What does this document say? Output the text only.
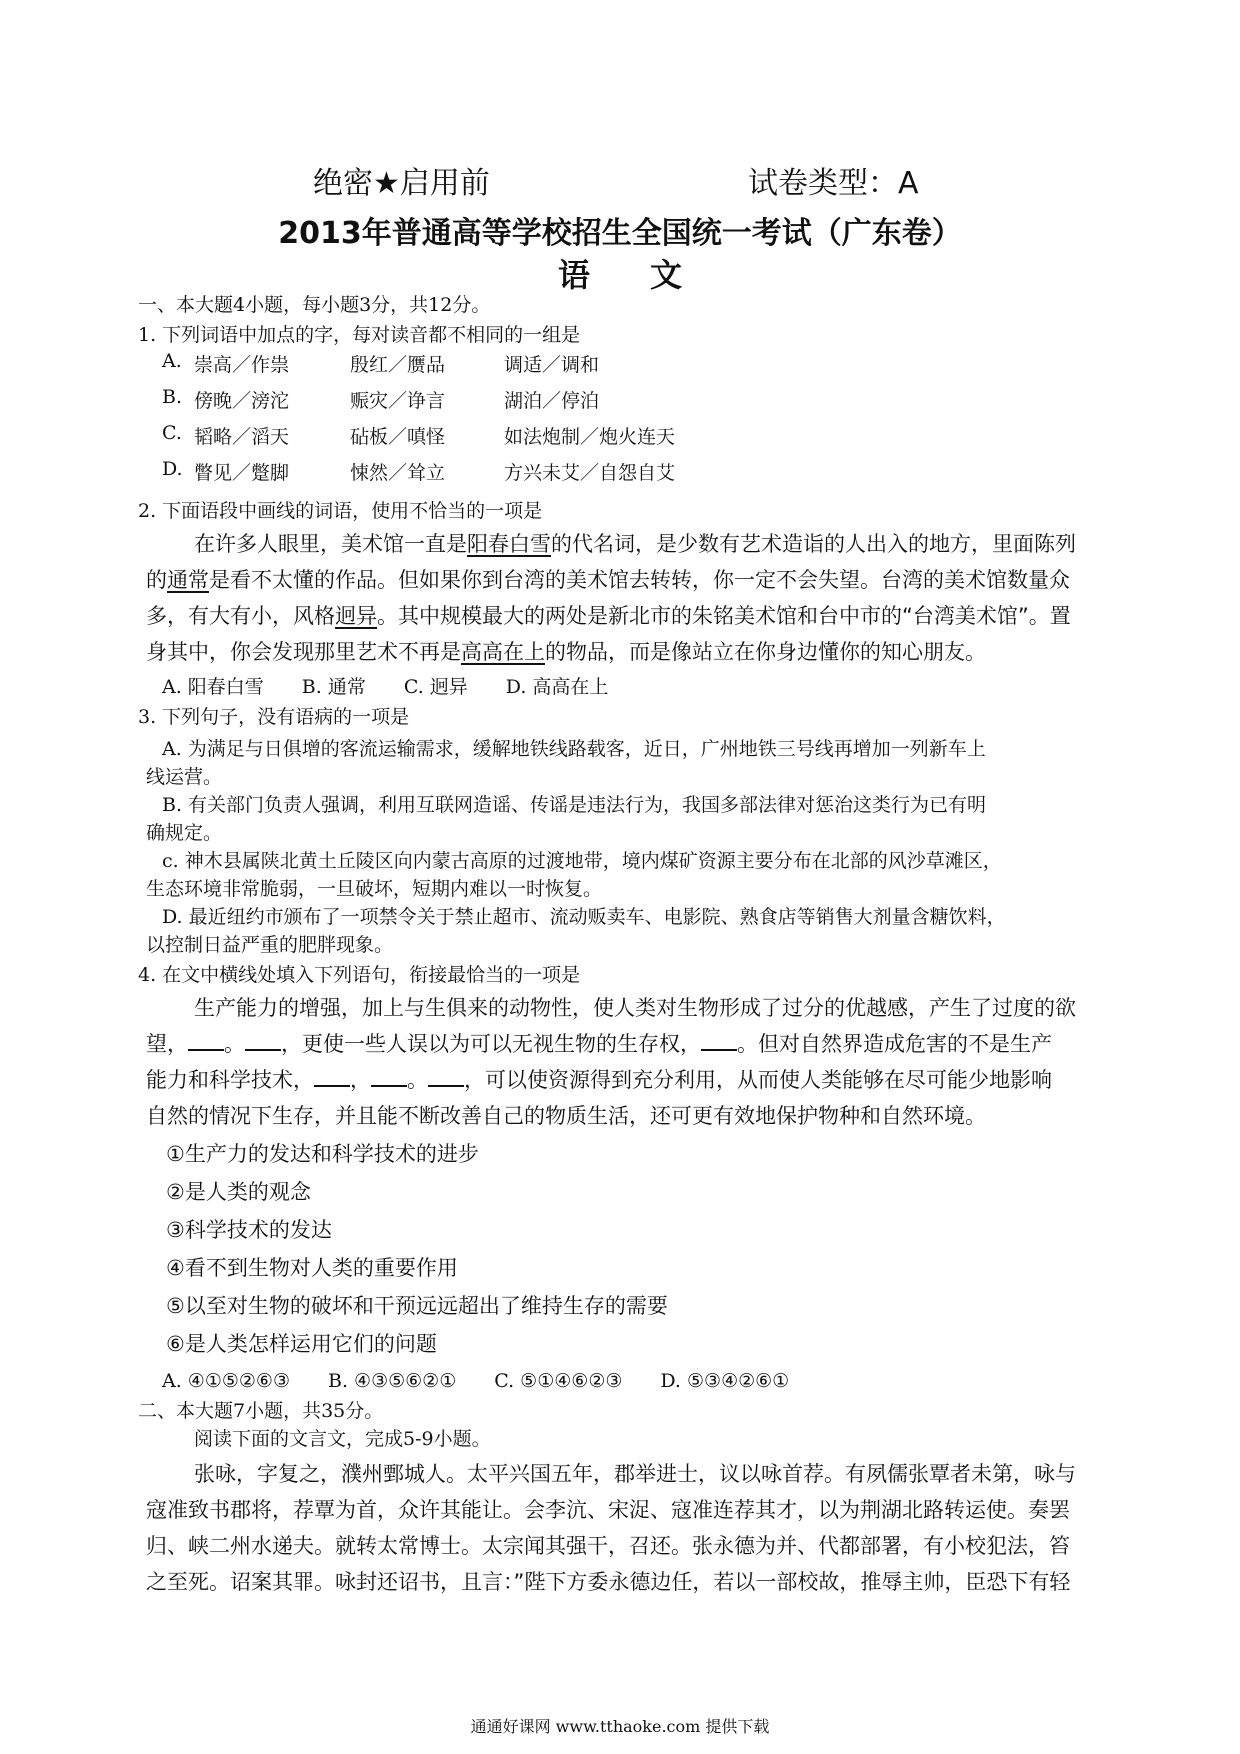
绝密★启用前	试卷类型：A
2013年普通高等学校招生全国统一考试（广东卷）
语文
一、本大题4小题，每小题3分，共12分。
1. 下列词语中加点的字，每对读音都不相同的一组是
A. 崇高／作祟	殷红／赝品	调适／调和
B. 傍晚／滂沱	赈灾／诤言	湖泊／停泊
C. 韬略／滔天	砧板／嗔怪	如法炮制／炮火连天
D. 瞥见／蹩脚	悚然／耸立	方兴未艾／自怨自艾
2. 下面语段中画线的词语，使用不恰当的一项是
在许多人眼里，美术馆一直是阳春白雪的代名词，是少数有艺术造诣的人出入的地方，里面陈列
的通常是看不太懂的作品。但如果你到台湾的美术馆去转转，你一定不会失望。台湾的美术馆数量众
多，有大有小，风格迥异。其中规模最大的两处是新北市的朱铭美术馆和台中市的“台湾美术馆”。置
身其中，你会发现那里艺术不再是高高在上的物品，而是像站立在你身边懂你的知心朋友。
A. 阳春白雪　　B. 通常　　C. 迥异　　D. 高高在上
3. 下列句子，没有语病的一项是
A. 为满足与日俱增的客流运输需求，缓解地铁线路载客，近日，广州地铁三号线再增加一列新车上
线运营。
B. 有关部门负责人强调，利用互联网造谣、传谣是违法行为，我国多部法律对惩治这类行为已有明
确规定。
c. 神木县属陕北黄土丘陵区向内蒙古高原的过渡地带，境内煤矿资源主要分布在北部的风沙草滩区，
生态环境非常脆弱，一旦破坏，短期内难以一时恢复。
D. 最近纽约市颁布了一项禁令关于禁止超市、流动贩卖车、电影院、熟食店等销售大剂量含糖饮料，
以控制日益严重的肥胖现象。
4. 在文中横线处填入下列语句，衔接最恰当的一项是
生产能力的增强，加上与生俱来的动物性，使人类对生物形成了过分的优越感，产生了过度的欲
望， 。 ，更使一些人误以为可以无视生物的生存权， 。但对自然界造成危害的不是生产
能力和科学技术， ， 。 ，可以使资源得到充分利用，从而使人类能够在尽可能少地影响
自然的情况下生存，并且能不断改善自己的物质生活，还可更有效地保护物种和自然环境。
①生产力的发达和科学技术的进步
②是人类的观念
③科学技术的发达
④看不到生物对人类的重要作用
⑤以至对生物的破坏和干预远远超出了维持生存的需要
⑥是人类怎样运用它们的问题
A. ④①⑤②⑥③　　B. ④③⑤⑥②①　　C. ⑤①④⑥②③　　D. ⑤③④②⑥①
二、本大题7小题，共35分。
阅读下面的文言文，完成5-9小题。
张咏，字复之，濮州鄄城人。太平兴国五年，郡举进士，议以咏首荐。有夙儒张覃者未第，咏与
寇准致书郡将，荐覃为首，众许其能让。会李沆、宋浞、寇准连荐其才，以为荆湖北路转运使。奏罢
归、峡二州水递夫。就转太常博士。太宗闻其强干，召还。张永德为并、代都部署，有小校犯法，笞
之至死。诏案其罪。咏封还诏书，且言：”陛下方委永德边任，若以一部校故，推辱主帅，臣恐下有轻
通通好课网 www.tthaoke.com 提供下载
